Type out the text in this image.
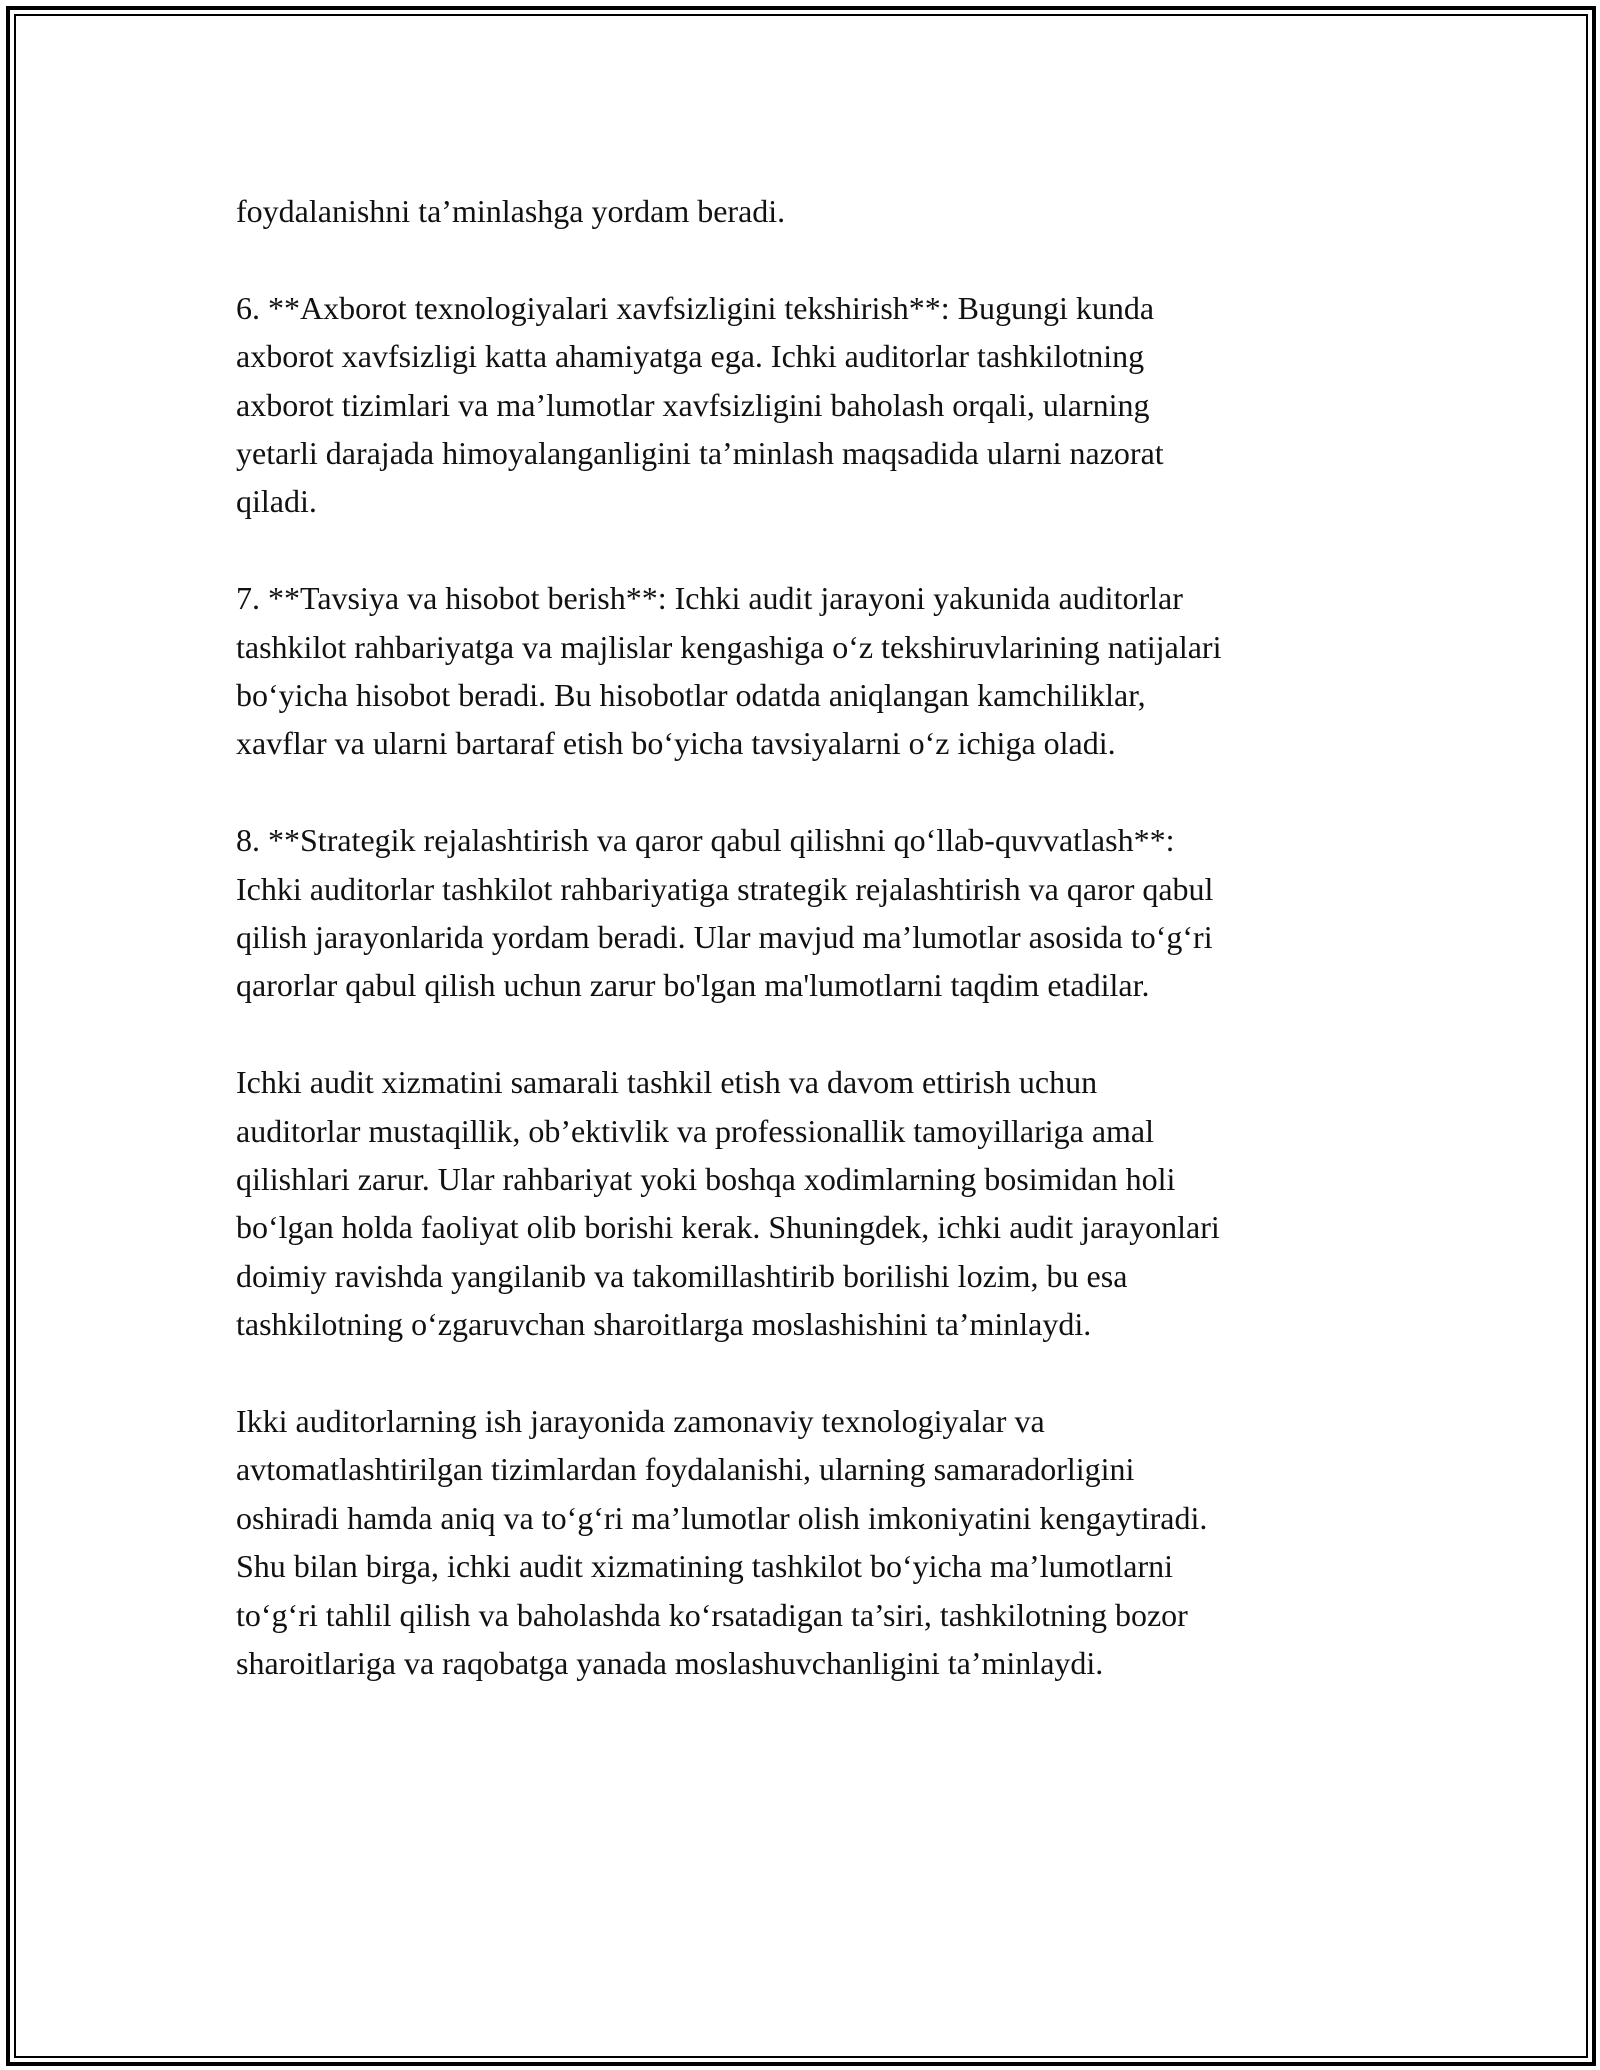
foydalanishni ta’minlashga yordam beradi.

6. **Axborot texnologiyalari xavfsizligini tekshirish**: Bugungi kunda
axborot xavfsizligi katta ahamiyatga ega. Ichki auditorlar tashkilotning
axborot tizimlari va ma’lumotlar xavfsizligini baholash orqali, ularning
yetarli darajada himoyalanganligini ta’minlash maqsadida ularni nazorat
qiladi.

7. **Tavsiya va hisobot berish**: Ichki audit jarayoni yakunida auditorlar
tashkilot rahbariyatga va majlislar kengashiga o‘z tekshiruvlarining natijalari
bo‘yicha hisobot beradi. Bu hisobotlar odatda aniqlangan kamchiliklar,
xavflar va ularni bartaraf etish bo‘yicha tavsiyalarni o‘z ichiga oladi.

8. **Strategik rejalashtirish va qaror qabul qilishni qo‘llab-quvvatlash**:
Ichki auditorlar tashkilot rahbariyatiga strategik rejalashtirish va qaror qabul
qilish jarayonlarida yordam beradi. Ular mavjud ma’lumotlar asosida to‘g‘ri
qarorlar qabul qilish uchun zarur bo'lgan ma'lumotlarni taqdim etadilar.

Ichki audit xizmatini samarali tashkil etish va davom ettirish uchun
auditorlar mustaqillik, ob’ektivlik va professionallik tamoyillariga amal
qilishlari zarur. Ular rahbariyat yoki boshqa xodimlarning bosimidan holi
bo‘lgan holda faoliyat olib borishi kerak. Shuningdek, ichki audit jarayonlari
doimiy ravishda yangilanib va takomillashtirib borilishi lozim, bu esa
tashkilotning o‘zgaruvchan sharoitlarga moslashishini ta’minlaydi.

Ikki auditorlarning ish jarayonida zamonaviy texnologiyalar va
avtomatlashtirilgan tizimlardan foydalanishi, ularning samaradorligini
oshiradi hamda aniq va to‘g‘ri ma’lumotlar olish imkoniyatini kengaytiradi.
Shu bilan birga, ichki audit xizmatining tashkilot bo‘yicha ma’lumotlarni
to‘g‘ri tahlil qilish va baholashda ko‘rsatadigan ta’siri, tashkilotning bozor
sharoitlariga va raqobatga yanada moslashuvchanligini ta’minlaydi.
